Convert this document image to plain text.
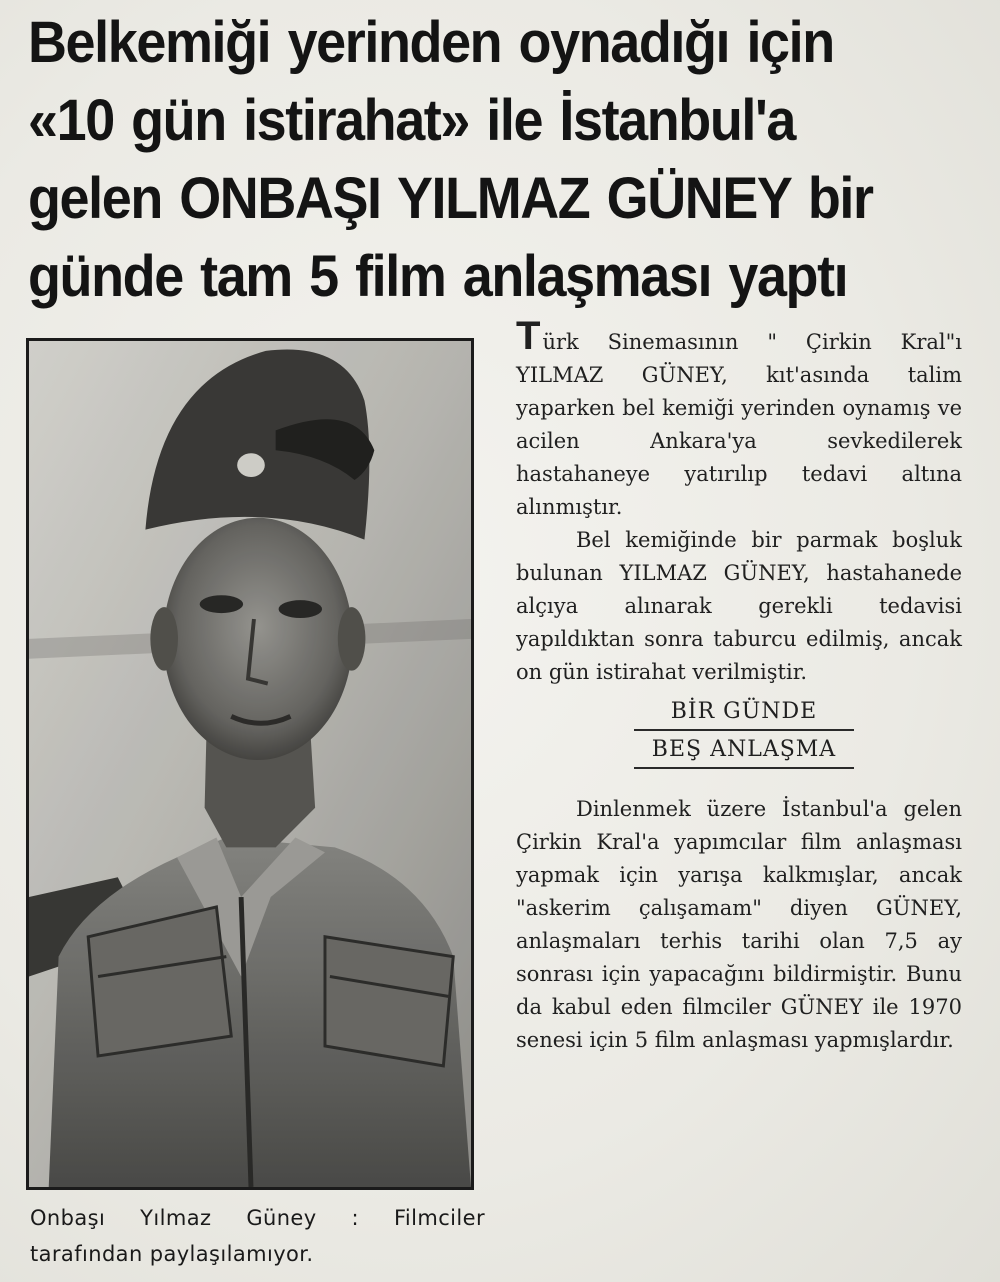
Belkemiği yerinden oynadığı için
«10 gün istirahat» ile İstanbul'a
gelen ONBAŞI YILMAZ GÜNEY bir
günde tam 5 film anlaşması yaptı

Onbaşı Yılmaz Güney : Filmciler tarafından paylaşılamıyor.

Türk Sinemasının " Çirkin Kral"ı YILMAZ GÜNEY, kıt'asında talim yaparken bel kemiği yerinden oynamış ve acilen Ankara'ya sevkedilerek hastahaneye yatırılıp tedavi altına alınmıştır.

Bel kemiğinde bir parmak boşluk bulunan YILMAZ GÜNEY, hastahanede alçıya alınarak gerekli tedavisi yapıldıktan sonra taburcu edilmiş, ancak on gün istirahat verilmiştir.

BİR GÜNDE
BEŞ ANLAŞMA

Dinlenmek üzere İstanbul'a gelen Çirkin Kral'a yapımcılar film anlaşması yapmak için yarışa kalkmışlar, ancak "askerim çalışamam" diyen GÜNEY, anlaşmaları terhis tarihi olan 7,5 ay sonrası için yapacağını bildirmiştir. Bunu da kabul eden filmciler GÜNEY ile 1970 senesi için 5 film anlaşması yapmışlardır.
